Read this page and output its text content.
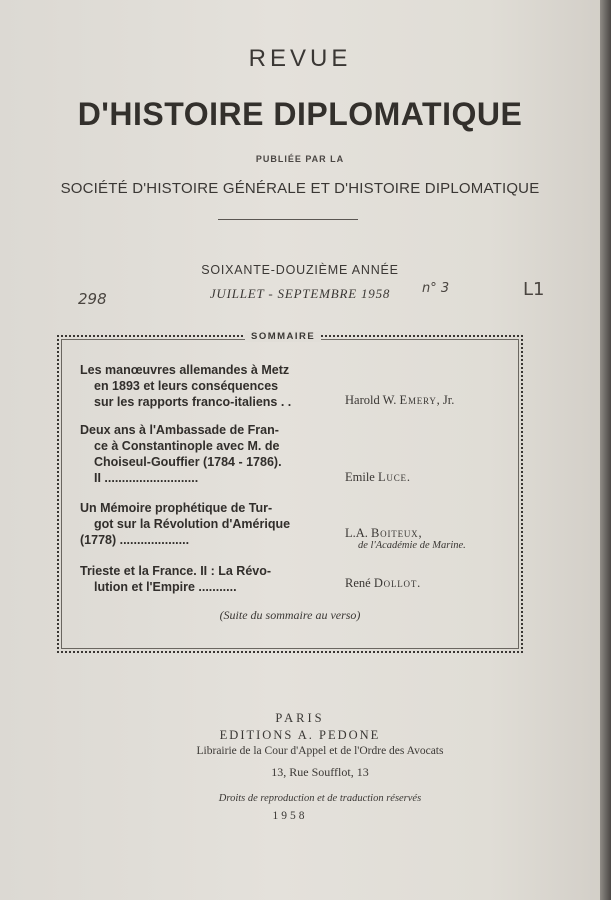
REVUE
D'HISTOIRE DIPLOMATIQUE
PUBLIÉE PAR LA
SOCIÉTÉ D'HISTOIRE GÉNÉRALE ET D'HISTOIRE DIPLOMATIQUE
SOIXANTE-DOUZIÈME ANNÉE
JUILLET - SEPTEMBRE 1958
298
n° 3	L1
SOMMAIRE
Les manœuvres allemandes à Metz
en 1893 et leurs conséquences
sur les rapports franco-italiens . .	Harold W. Emery, Jr.
Deux ans à l'Ambassade de Fran-
ce à Constantinople avec M. de
Choiseul-Gouffier (1784 - 1786).
II ...........................	Emile Luce.
Un Mémoire prophétique de Tur-
got sur la Révolution d'Amérique
(1778) ....................	L.A. Boiteux,
de l'Académie de Marine.
Trieste et la France. II : La Révo-
lution et l'Empire ...........	René Dollot.
(Suite du sommaire au verso)
PARIS
EDITIONS A. PEDONE
Librairie de la Cour d'Appel et de l'Ordre des Avocats
13, Rue Soufflot, 13
Droits de reproduction et de traduction réservés
1958
